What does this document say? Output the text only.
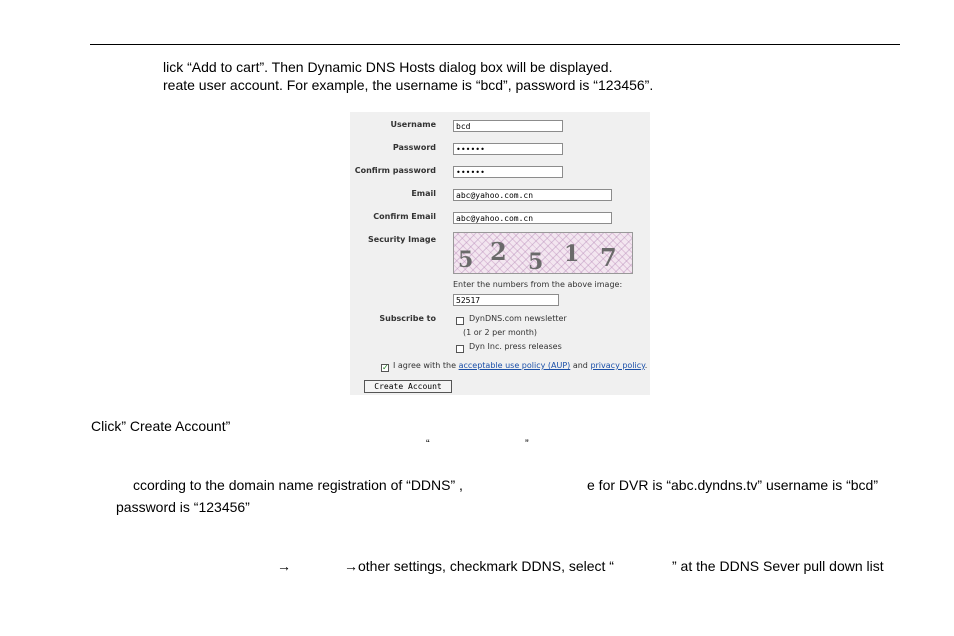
lick “Add to cart”. Then Dynamic DNS Hosts dialog box will be displayed.
reate user account. For example, the username is “bcd”, password is “123456”.
Username	bcd
Password	••••••
Confirm password	••••••
Email	abc@yahoo.com.cn
Confirm Email	abc@yahoo.com.cn
Security Image
5 2 5 1 7
Enter the numbers from the above image:
52517
Subscribe to	DynDNS.com newsletter
(1 or 2 per month)
Dyn Inc. press releases
✓ I agree with the acceptable use policy (AUP) and privacy policy.
Create Account
Click” Create Account”
“	”
ccording to the domain name registration of “DDNS” ,	e for DVR is “abc.dyndns.tv” username is “bcd”
password is “123456”
→	→other settings, checkmark DDNS, select “	” at the DDNS Sever pull down list
